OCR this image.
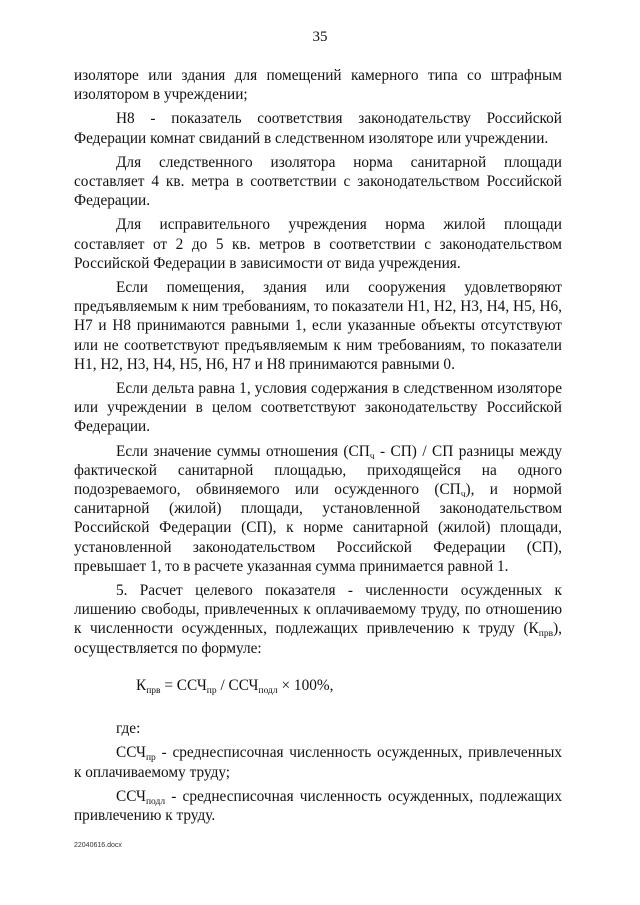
35

изоляторе или здания для помещений камерного типа со штрафным изолятором в учреждении;

Н8 - показатель соответствия законодательству Российской Федерации комнат свиданий в следственном изоляторе или учреждении.

Для следственного изолятора норма санитарной площади составляет 4 кв. метра в соответствии с законодательством Российской Федерации.

Для исправительного учреждения норма жилой площади составляет от 2 до 5 кв. метров в соответствии с законодательством Российской Федерации в зависимости от вида учреждения.

Если помещения, здания или сооружения удовлетворяют предъявляемым к ним требованиям, то показатели Н1, Н2, Н3, Н4, Н5, Н6, Н7 и Н8 принимаются равными 1, если указанные объекты отсутствуют или не соответствуют предъявляемым к ним требованиям, то показатели Н1, Н2, Н3, Н4, Н5, Н6, Н7 и Н8 принимаются равными 0.

Если дельта равна 1, условия содержания в следственном изоляторе или учреждении в целом соответствуют законодательству Российской Федерации.

Если значение суммы отношения $(СП_ч - СП)$ / СП разницы между фактической санитарной площадью, приходящейся на одного подозреваемого, обвиняемого или осужденного $(СП_ч)$, и нормой санитарной (жилой) площади, установленной законодательством Российской Федерации (СП), к норме санитарной (жилой) площади, установленной законодательством Российской Федерации (СП), превышает 1, то в расчете указанная сумма принимается равной 1.

5. Расчет целевого показателя - численности осужденных к лишению свободы, привлеченных к оплачиваемому труду, по отношению к численности осужденных, подлежащих привлечению к труду $(К_{прв})$, осуществляется по формуле:

$К_{прв} = ССЧ_{пр} / ССЧ_{подл} \times 100\%$,

где:

$ССЧ_{пр}$ - среднесписочная численность осужденных, привлеченных к оплачиваемому труду;

$ССЧ_{подл}$ - среднесписочная численность осужденных, подлежащих привлечению к труду.

22040616.docx
